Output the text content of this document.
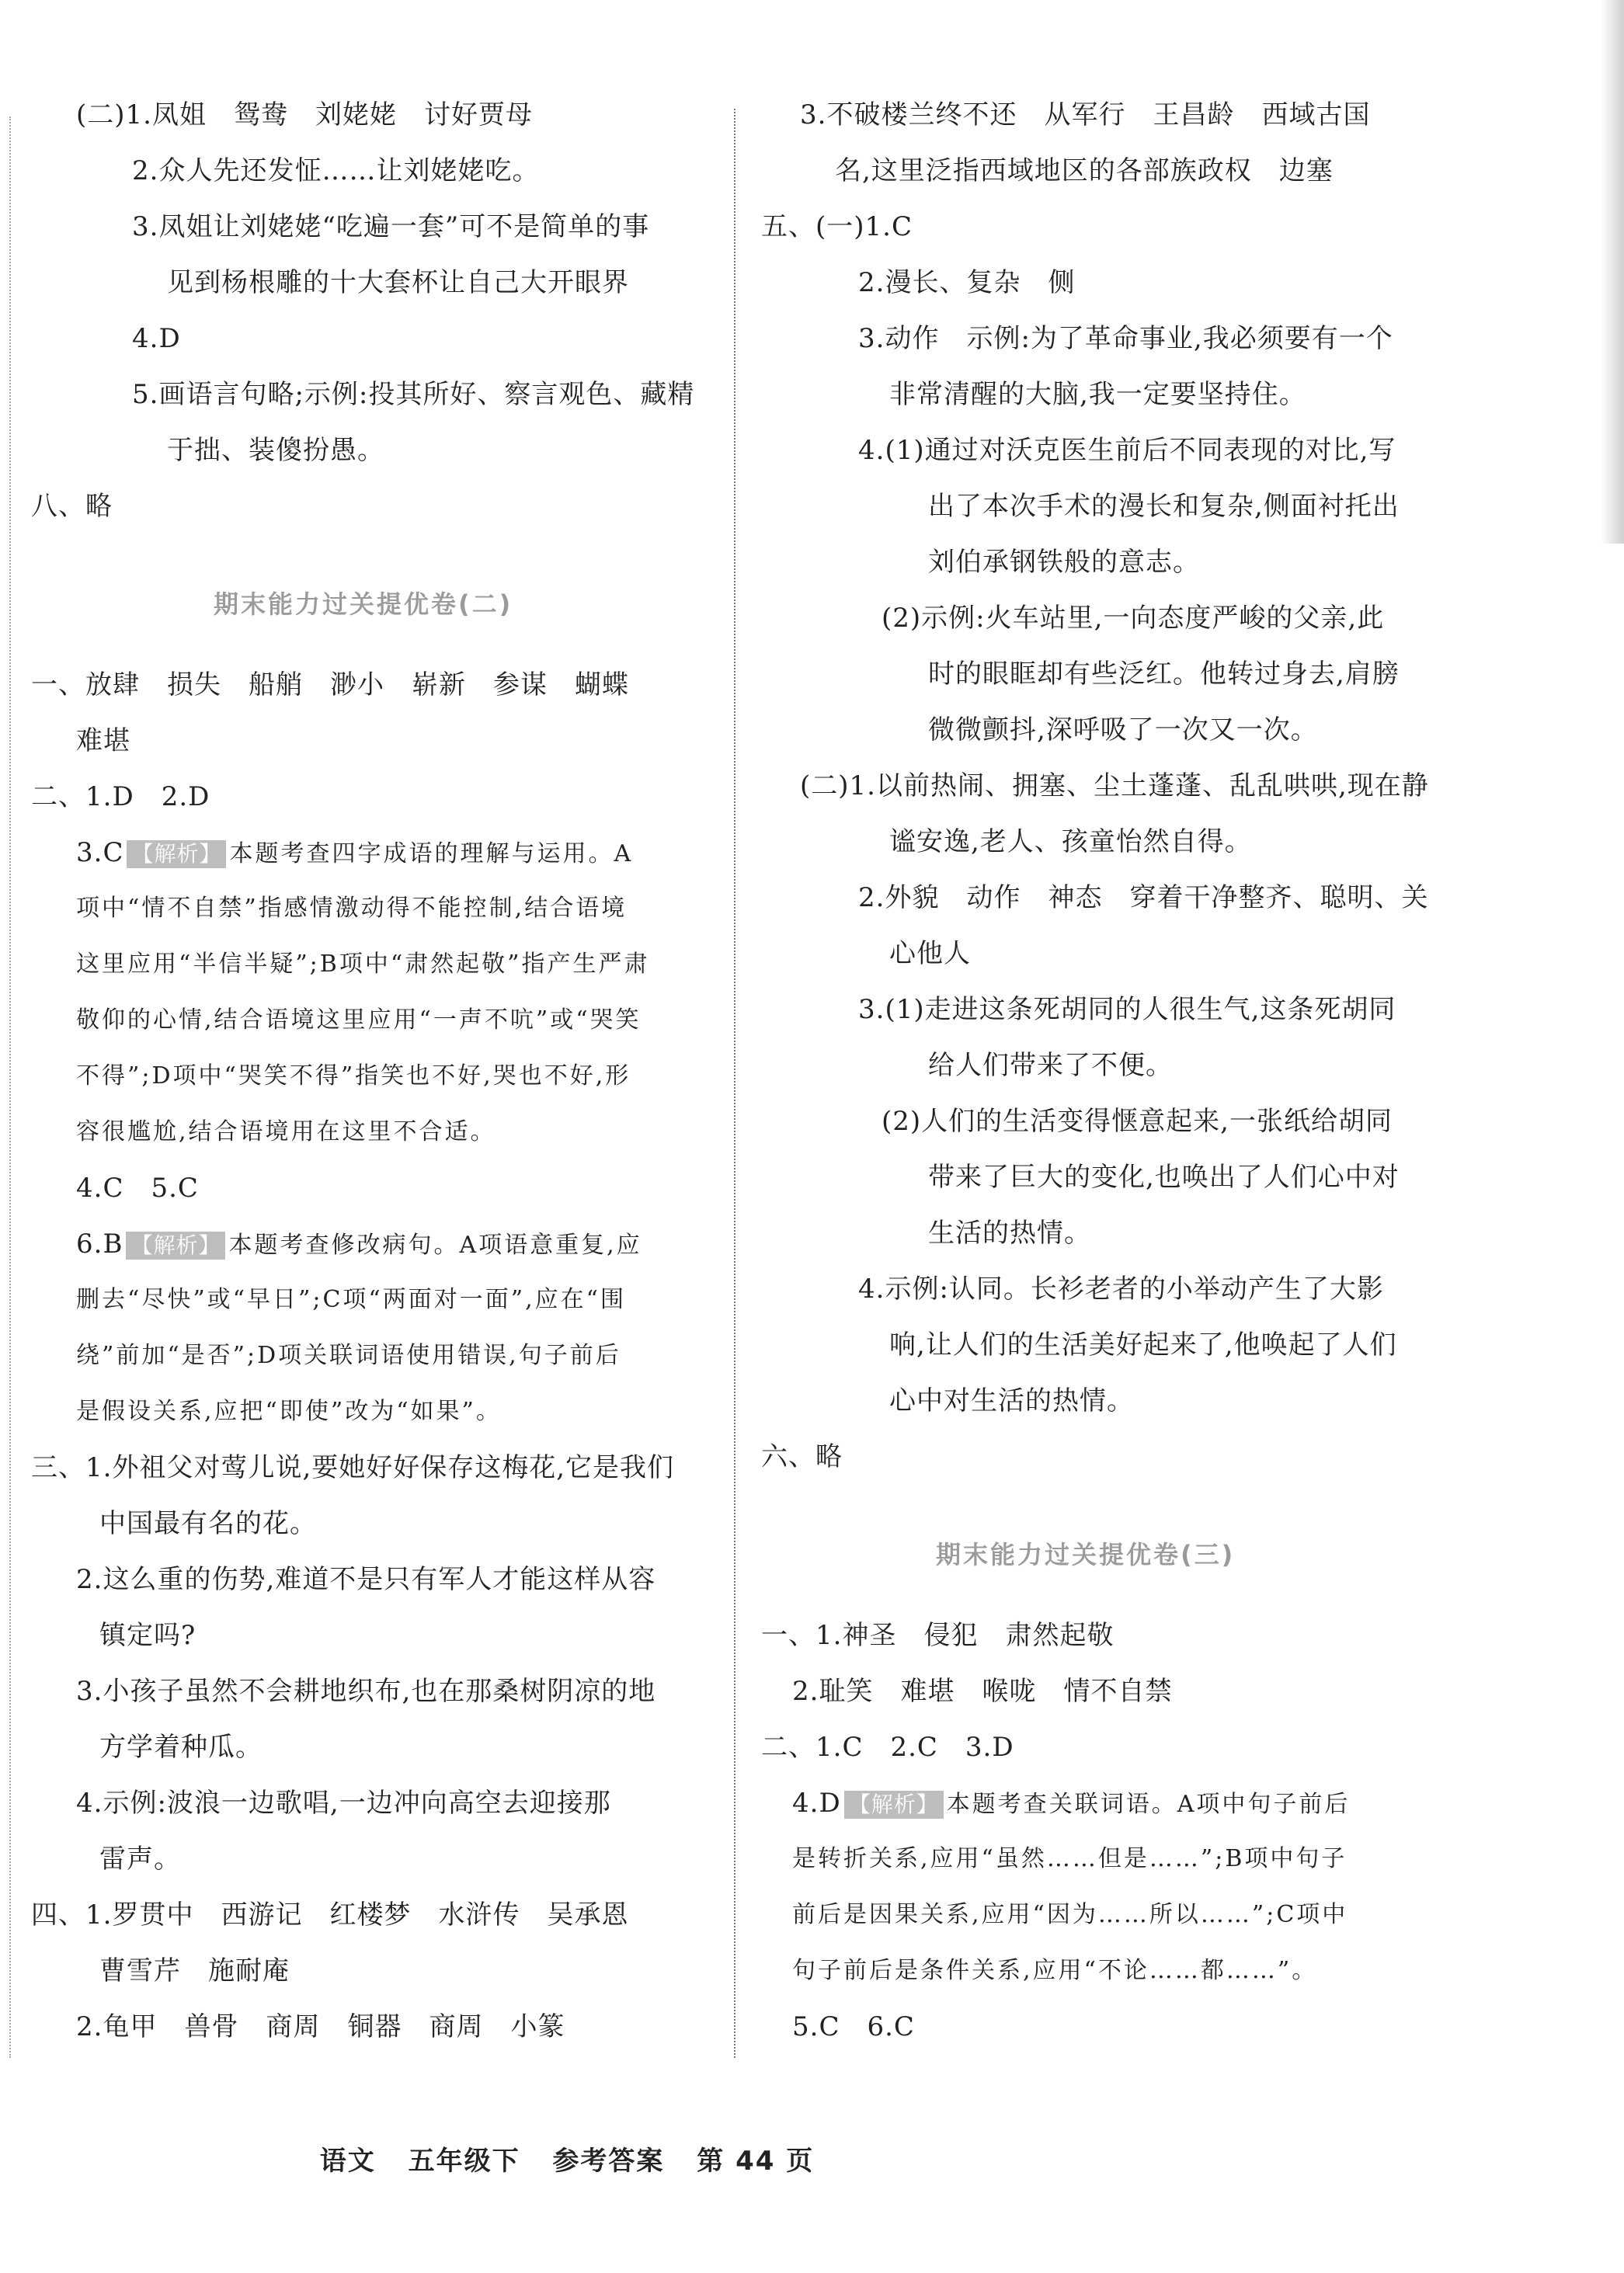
(二)1.凤姐　鸳鸯　刘姥姥　讨好贾母
2.众人先还发怔……让刘姥姥吃。
3.凤姐让刘姥姥“吃遍一套”可不是简单的事
见到杨根雕的十大套杯让自己大开眼界
4.D
5.画语言句略;示例:投其所好、察言观色、藏精
于拙、装傻扮愚。
八、略
一、放肆　损失　船艄　渺小　崭新　参谋　蝴蝶
难堪
二、1.D　2.D
3.C 【解析】 本题考查四字成语的理解与运用。A
项中“情不自禁”指感情激动得不能控制,结合语境
这里应用“半信半疑”;B项中“肃然起敬”指产生严肃
敬仰的心情,结合语境这里应用“一声不吭”或“哭笑
不得”;D项中“哭笑不得”指笑也不好,哭也不好,形
容很尴尬,结合语境用在这里不合适。
4.C　5.C
6.B 【解析】 本题考查修改病句。A项语意重复,应
删去“尽快”或“早日”;C项“两面对一面”,应在“围
绕”前加“是否”;D项关联词语使用错误,句子前后
是假设关系,应把“即使”改为“如果”。
三、1.外祖父对莺儿说,要她好好保存这梅花,它是我们
中国最有名的花。
2.这么重的伤势,难道不是只有军人才能这样从容
镇定吗?
3.小孩子虽然不会耕地织布,也在那桑树阴凉的地
方学着种瓜。
4.示例:波浪一边歌唱,一边冲向高空去迎接那
雷声。
四、1.罗贯中　西游记　红楼梦　水浒传　吴承恩
曹雪芹　施耐庵
2.龟甲　兽骨　商周　铜器　商周　小篆
期末能力过关提优卷(二)
3.不破楼兰终不还　从军行　王昌龄　西域古国
名,这里泛指西域地区的各部族政权　边塞
五、(一)1.C
2.漫长、复杂　侧
3.动作　示例:为了革命事业,我必须要有一个
非常清醒的大脑,我一定要坚持住。
4.(1)通过对沃克医生前后不同表现的对比,写
出了本次手术的漫长和复杂,侧面衬托出
刘伯承钢铁般的意志。
(2)示例:火车站里,一向态度严峻的父亲,此
时的眼眶却有些泛红。他转过身去,肩膀
微微颤抖,深呼吸了一次又一次。
(二)1.以前热闹、拥塞、尘土蓬蓬、乱乱哄哄,现在静
谧安逸,老人、孩童怡然自得。
2.外貌　动作　神态　穿着干净整齐、聪明、关
心他人
3.(1)走进这条死胡同的人很生气,这条死胡同
给人们带来了不便。
(2)人们的生活变得惬意起来,一张纸给胡同
带来了巨大的变化,也唤出了人们心中对
生活的热情。
4.示例:认同。长衫老者的小举动产生了大影
响,让人们的生活美好起来了,他唤起了人们
心中对生活的热情。
六、略
一、1.神圣　侵犯　肃然起敬
2.耻笑　难堪　喉咙　情不自禁
二、1.C　2.C　3.D
4.D 【解析】 本题考查关联词语。A项中句子前后
是转折关系,应用“虽然……但是……”;B项中句子
前后是因果关系,应用“因为……所以……”;C项中
句子前后是条件关系,应用“不论……都……”。
5.C　6.C
期末能力过关提优卷(三)
语文 五年级下 参考答案 第 44 页
